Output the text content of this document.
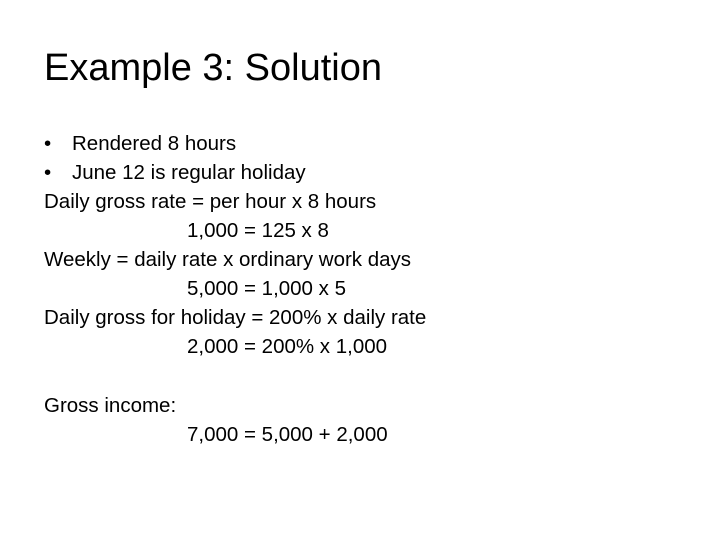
Example 3: Solution
• Rendered 8 hours
• June 12 is regular holiday
Daily gross rate = per hour x 8 hours
1,000 = 125 x 8
Weekly = daily rate x ordinary work days
5,000 = 1,000 x 5
Daily gross for holiday = 200% x daily rate
2,000 = 200% x 1,000
Gross income:
7,000 = 5,000 + 2,000
